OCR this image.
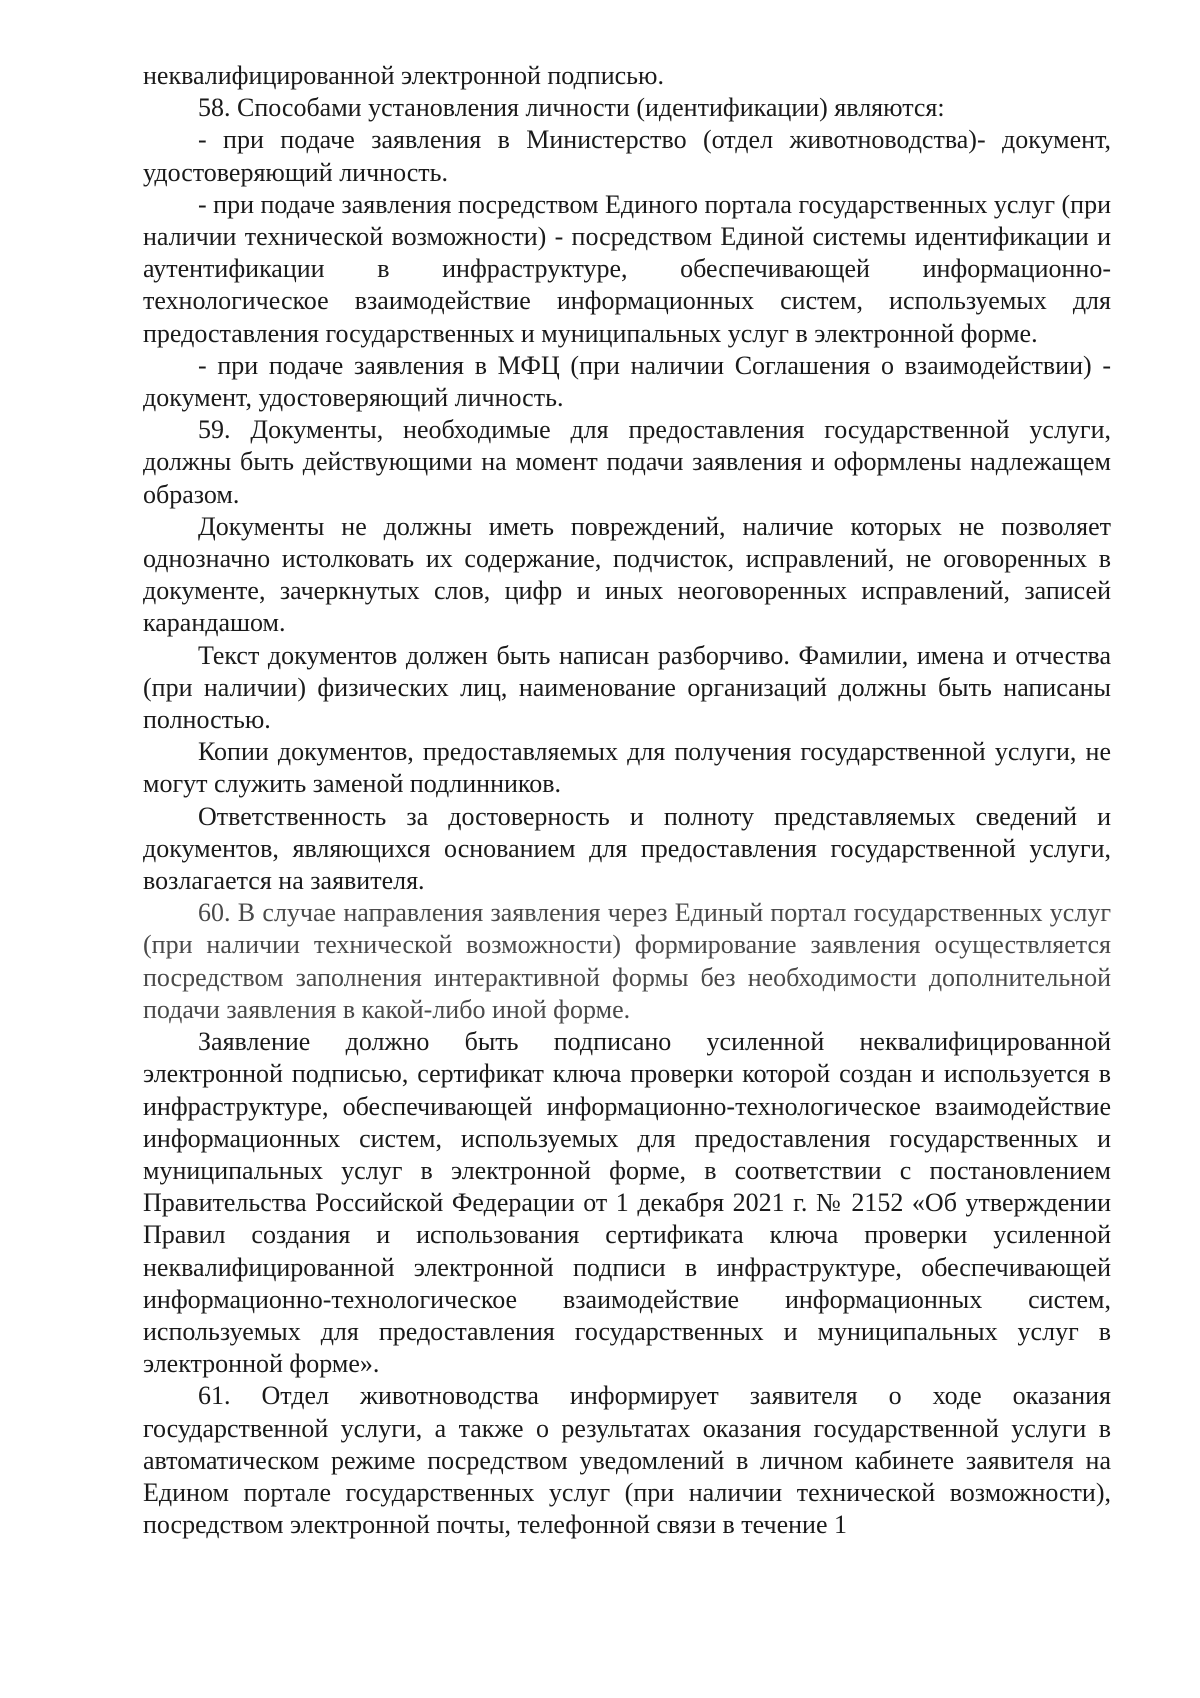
неквалифицированной электронной подписью.

58. Способами установления личности (идентификации) являются:

- при подаче заявления в Министерство (отдел животноводства)- документ, удостоверяющий личность.

- при подаче заявления посредством Единого портала государственных услуг (при наличии технической возможности) - посредством Единой системы идентификации и аутентификации в инфраструктуре, обеспечивающей информационно-технологическое взаимодействие информационных систем, используемых для предоставления государственных и муниципальных услуг в электронной форме.

- при подаче заявления в МФЦ (при наличии Соглашения о взаимодействии) - документ, удостоверяющий личность.

59. Документы, необходимые для предоставления государственной услуги, должны быть действующими на момент подачи заявления и оформлены надлежащем образом.

Документы не должны иметь повреждений, наличие которых не позволяет однозначно истолковать их содержание, подчисток, исправлений, не оговоренных в документе, зачеркнутых слов, цифр и иных неоговоренных исправлений, записей карандашом.

Текст документов должен быть написан разборчиво. Фамилии, имена и отчества (при наличии) физических лиц, наименование организаций должны быть написаны полностью.

Копии документов, предоставляемых для получения государственной услуги, не могут служить заменой подлинников.

Ответственность за достоверность и полноту представляемых сведений и документов, являющихся основанием для предоставления государственной услуги, возлагается на заявителя.

60. В случае направления заявления через Единый портал государственных услуг (при наличии технической возможности) формирование заявления осуществляется посредством заполнения интерактивной формы без необходимости дополнительной подачи заявления в какой-либо иной форме.

Заявление должно быть подписано усиленной неквалифицированной электронной подписью, сертификат ключа проверки которой создан и используется в инфраструктуре, обеспечивающей информационно-технологическое взаимодействие информационных систем, используемых для предоставления государственных и муниципальных услуг в электронной форме, в соответствии с постановлением Правительства Российской Федерации от 1 декабря 2021 г. № 2152 «Об утверждении Правил создания и использования сертификата ключа проверки усиленной неквалифицированной электронной подписи в инфраструктуре, обеспечивающей информационно-технологическое взаимодействие информационных систем, используемых для предоставления государственных и муниципальных услуг в электронной форме».

61. Отдел животноводства информирует заявителя о ходе оказания государственной услуги, а также о результатах оказания государственной услуги в автоматическом режиме посредством уведомлений в личном кабинете заявителя на Едином портале государственных услуг (при наличии технической возможности), посредством электронной почты, телефонной связи в течение 1
